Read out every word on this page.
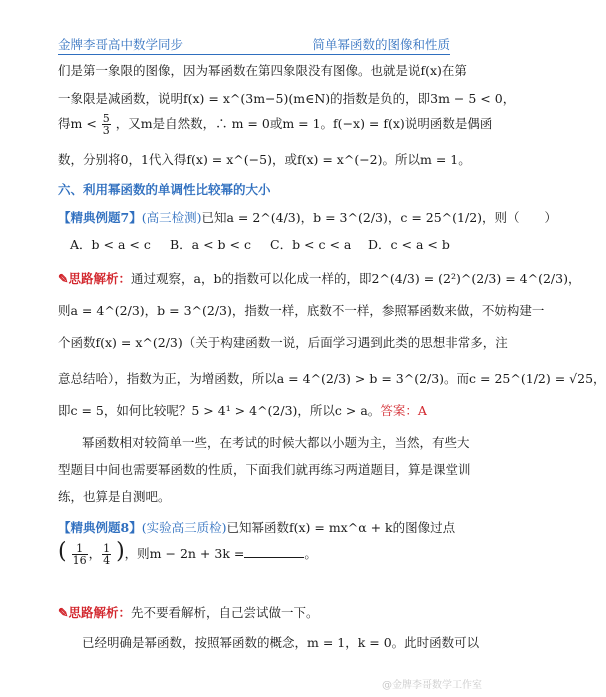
金牌李哥高中数学同步	简单幂函数的图像和性质
们是第一象限的图像，因为幂函数在第四象限没有图像。也就是说f(x)在第
一象限是减函数，说明f(x) = x^(3m−5)(m∈N)的指数是负的，即3m − 5 < 0，
得$m < \frac{5}{3}$ ，又m是自然数，∴ m = 0或m = 1。f(−x) = f(x)说明函数是偶函
数，分别将0，1代入得f(x) = x^(−5)，或f(x) = x^(−2)。所以m = 1。
六、利用幂函数的单调性比较幂的大小
【精典例题7】(高三检测)已知a = 2^(4/3)，b = 3^(2/3)，c = 25^(1/2)，则（　　）
A．b < a < c B．a < b < c C．b < c < a D．c < a < b
✎思路解析：通过观察，a，b的指数可以化成一样的，即2^(4/3) = (2²)^(2/3) = 4^(2/3)，
则a = 4^(2/3)，b = 3^(2/3)，指数一样，底数不一样，参照幂函数来做，不妨构建一
个函数f(x) = x^(2/3)（关于构建函数一说，后面学习遇到此类的思想非常多，注
意总结哈），指数为正，为增函数，所以a = 4^(2/3) > b = 3^(2/3)。而c = 25^(1/2) = √25，
即c = 5，如何比较呢？5 > 4¹ > 4^(2/3)，所以c > a。答案：A
幂函数相对较简单一些，在考试的时候大都以小题为主，当然，有些大
型题目中间也需要幂函数的性质，下面我们就再练习两道题目，算是课堂训
练，也算是自测吧。
【精典例题8】(实验高三质检)已知幂函数f(x) = mx^α + k的图像过点
( $\frac{1}{16}$ ， $\frac{1}{4}$ )，则m − 2n + 3k =	。
✎思路解析：先不要看解析，自己尝试做一下。
已经明确是幂函数，按照幂函数的概念，m = 1，k = 0。此时函数可以
@金牌李哥数学工作室
